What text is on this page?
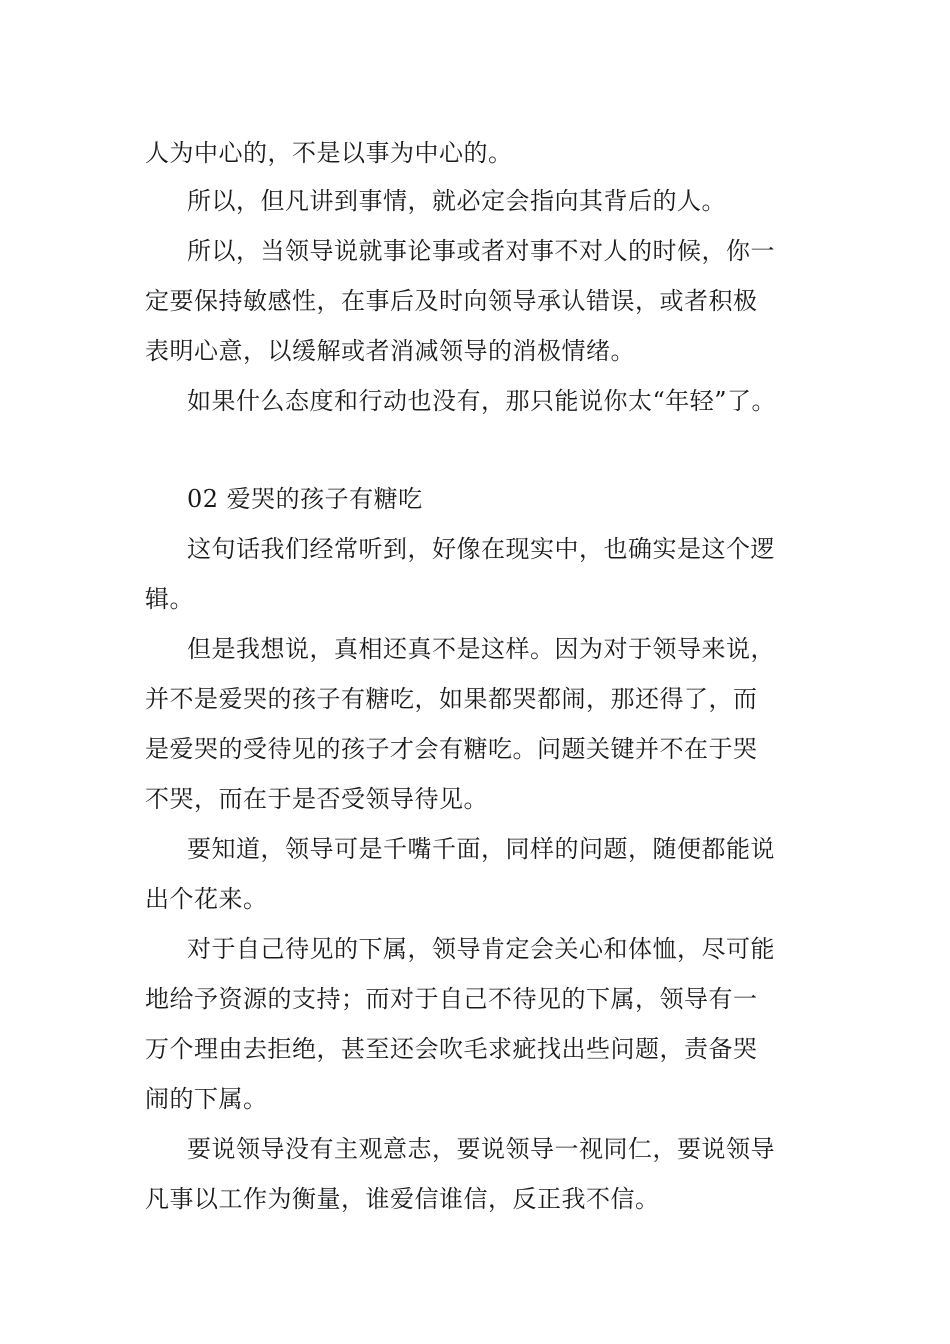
人为中心的，不是以事为中心的。
所以，但凡讲到事情，就必定会指向其背后的人。
所以，当领导说就事论事或者对事不对人的时候，你一
定要保持敏感性，在事后及时向领导承认错误，或者积极
表明心意，以缓解或者消减领导的消极情绪。
如果什么态度和行动也没有，那只能说你太“年轻”了。
02 爱哭的孩子有糖吃
这句话我们经常听到，好像在现实中，也确实是这个逻
辑。
但是我想说，真相还真不是这样。因为对于领导来说，
并不是爱哭的孩子有糖吃，如果都哭都闹，那还得了，而
是爱哭的受待见的孩子才会有糖吃。问题关键并不在于哭
不哭，而在于是否受领导待见。
要知道，领导可是千嘴千面，同样的问题，随便都能说
出个花来。
对于自己待见的下属，领导肯定会关心和体恤，尽可能
地给予资源的支持；而对于自己不待见的下属，领导有一
万个理由去拒绝，甚至还会吹毛求疵找出些问题，责备哭
闹的下属。
要说领导没有主观意志，要说领导一视同仁，要说领导
凡事以工作为衡量，谁爱信谁信，反正我不信。
